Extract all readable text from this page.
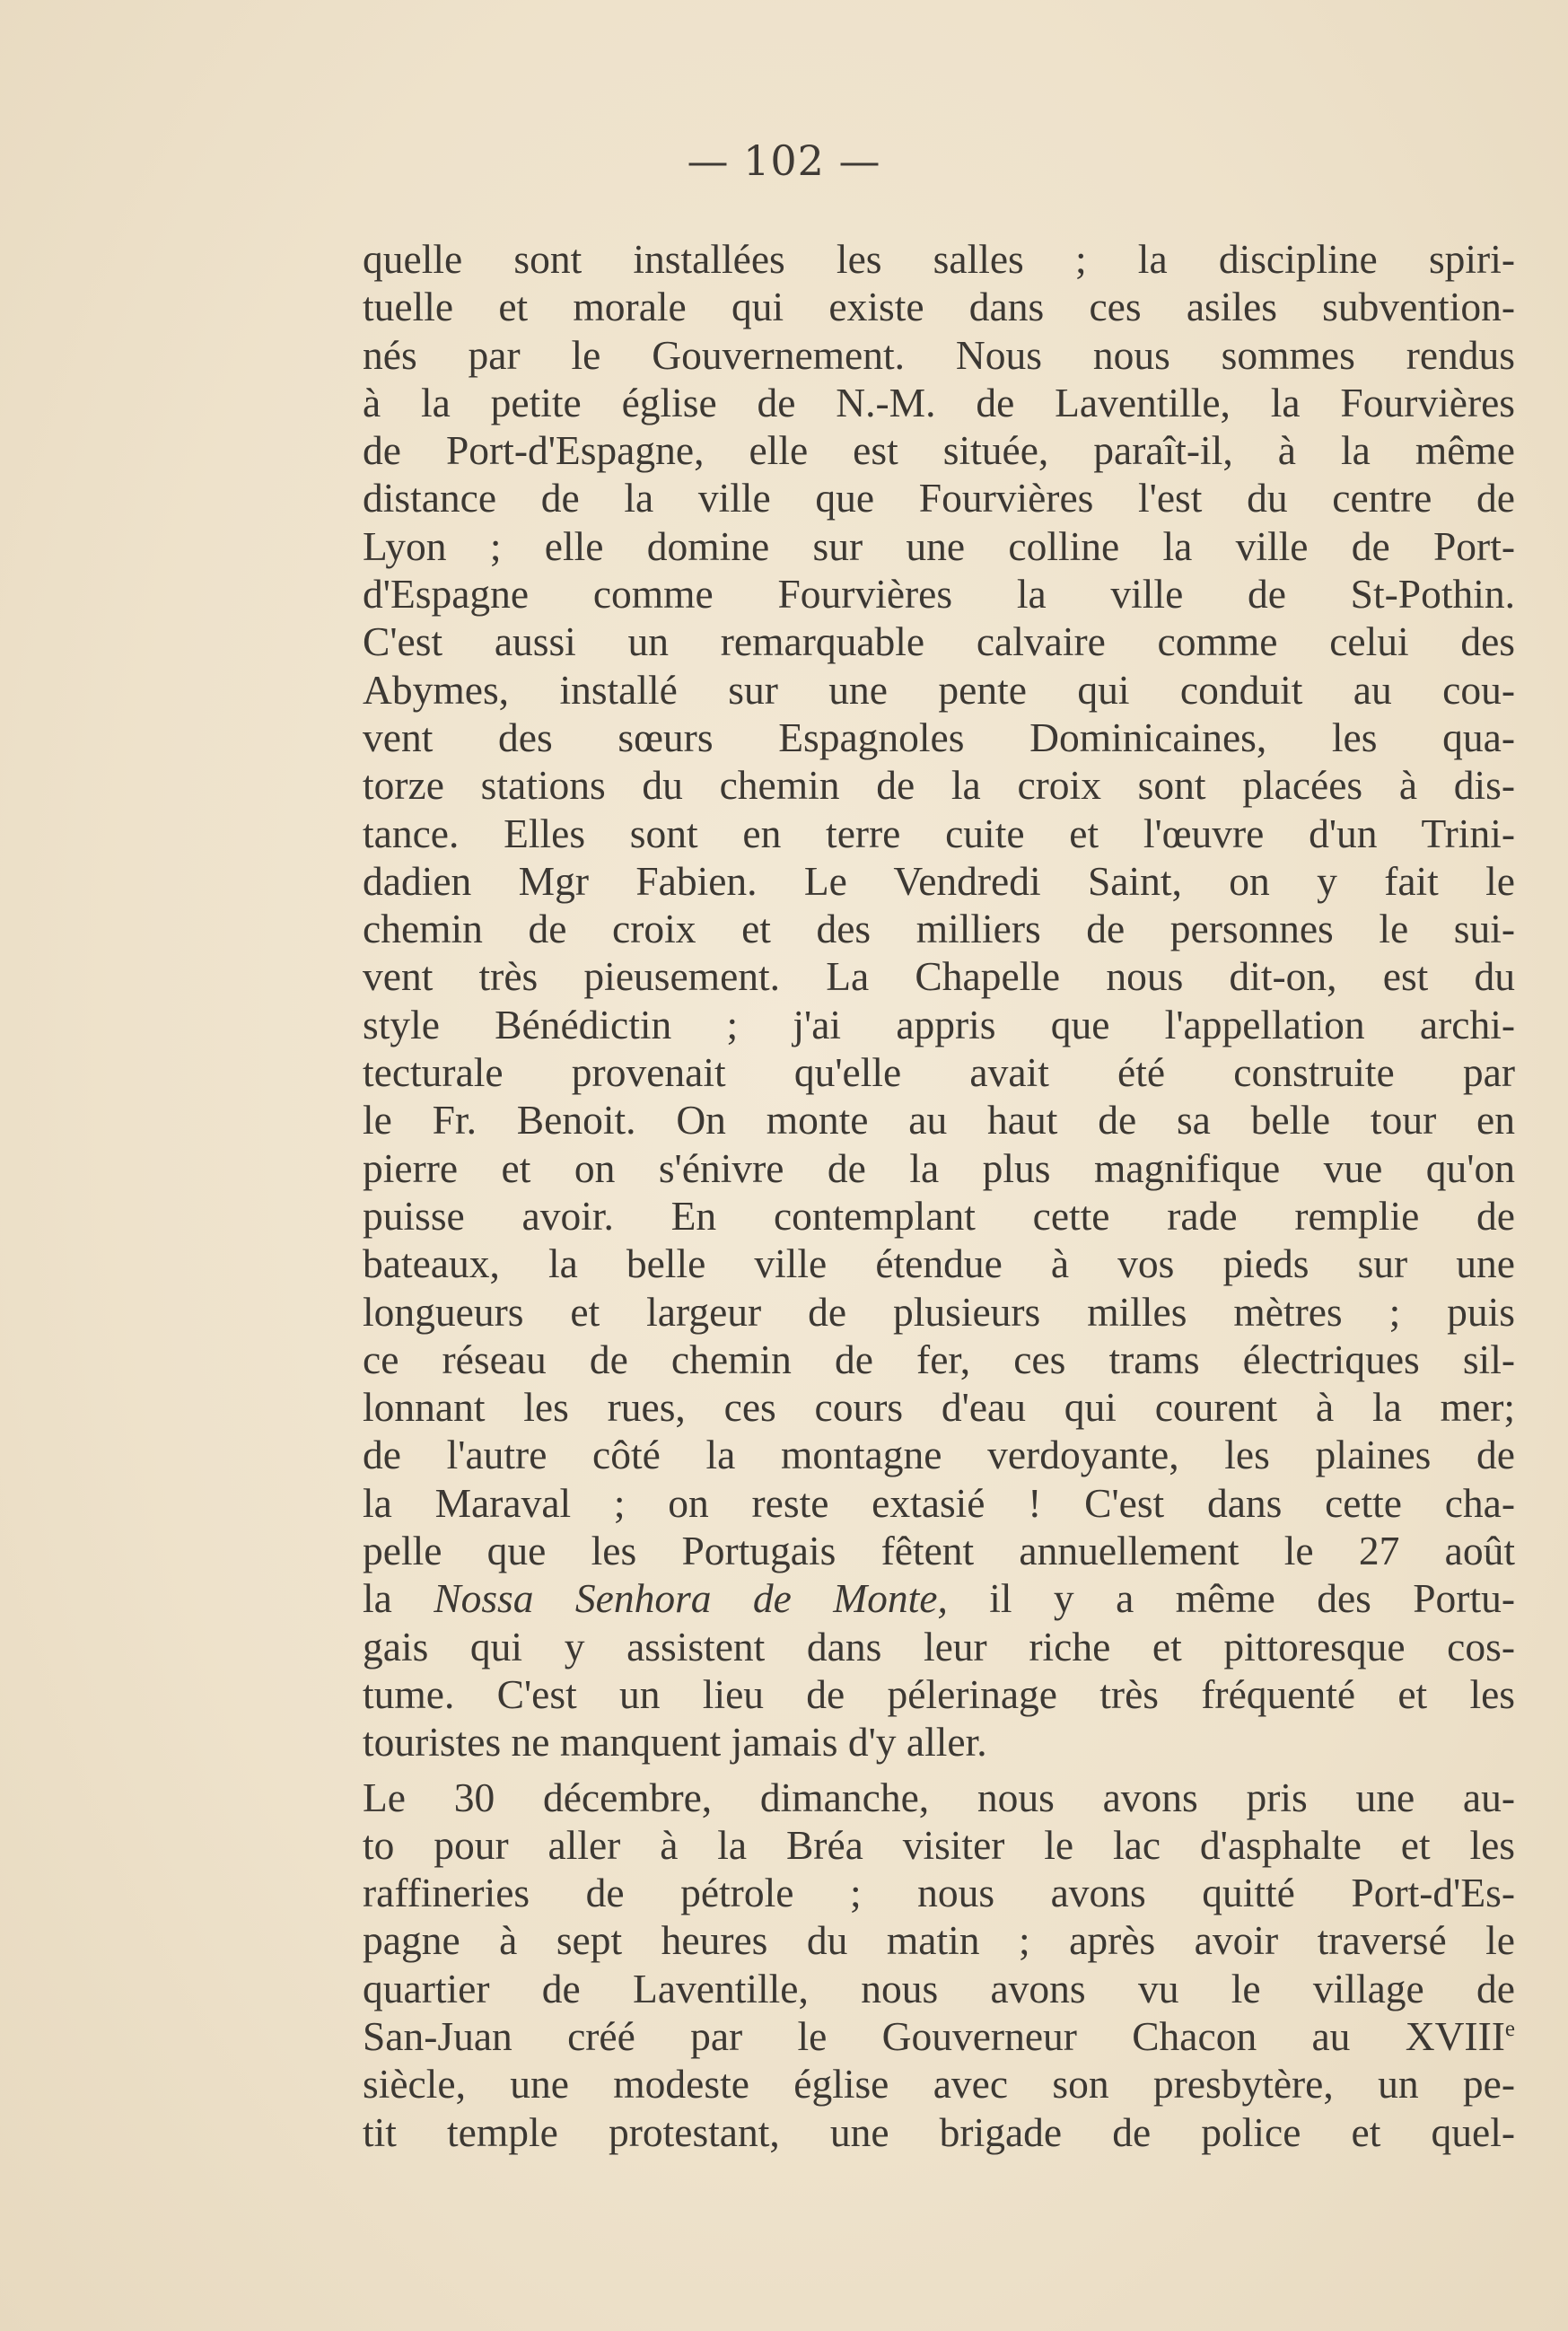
— 102 —
quelle sont installées les salles ; la discipline spiri-
tuelle et morale qui existe dans ces asiles subvention-
nés par le Gouvernement. Nous nous sommes rendus
à la petite église de N.-M. de Laventille, la Fourvières
de Port-d'Espagne, elle est située, paraît-il, à la même
distance de la ville que Fourvières l'est du centre de
Lyon ; elle domine sur une colline la ville de Port-
d'Espagne comme Fourvières la ville de St-Pothin.
C'est aussi un remarquable calvaire comme celui des
Abymes, installé sur une pente qui conduit au cou-
vent des sœurs Espagnoles Dominicaines, les qua-
torze stations du chemin de la croix sont placées à dis-
tance. Elles sont en terre cuite et l'œuvre d'un Trini-
dadien Mgr Fabien. Le Vendredi Saint, on y fait le
chemin de croix et des milliers de personnes le sui-
vent très pieusement. La Chapelle nous dit-on, est du
style Bénédictin ; j'ai appris que l'appellation archi-
tecturale provenait qu'elle avait été construite par
le Fr. Benoit. On monte au haut de sa belle tour en
pierre et on s'énivre de la plus magnifique vue qu'on
puisse avoir. En contemplant cette rade remplie de
bateaux, la belle ville étendue à vos pieds sur une
longueurs et largeur de plusieurs milles mètres ; puis
ce réseau de chemin de fer, ces trams électriques sil-
lonnant les rues, ces cours d'eau qui courent à la mer;
de l'autre côté la montagne verdoyante, les plaines de
la Maraval ; on reste extasié ! C'est dans cette cha-
pelle que les Portugais fêtent annuellement le 27 août
la Nossa Senhora de Monte, il y a même des Portu-
gais qui y assistent dans leur riche et pittoresque cos-
tume. C'est un lieu de pélerinage très fréquenté et les
touristes ne manquent jamais d'y aller.
Le 30 décembre, dimanche, nous avons pris une au-
to pour aller à la Bréa visiter le lac d'asphalte et les
raffineries de pétrole ; nous avons quitté Port-d'Es-
pagne à sept heures du matin ; après avoir traversé le
quartier de Laventille, nous avons vu le village de
San-Juan créé par le Gouverneur Chacon au XVIIIe
siècle, une modeste église avec son presbytère, un pe-
tit temple protestant, une brigade de police et quel-
